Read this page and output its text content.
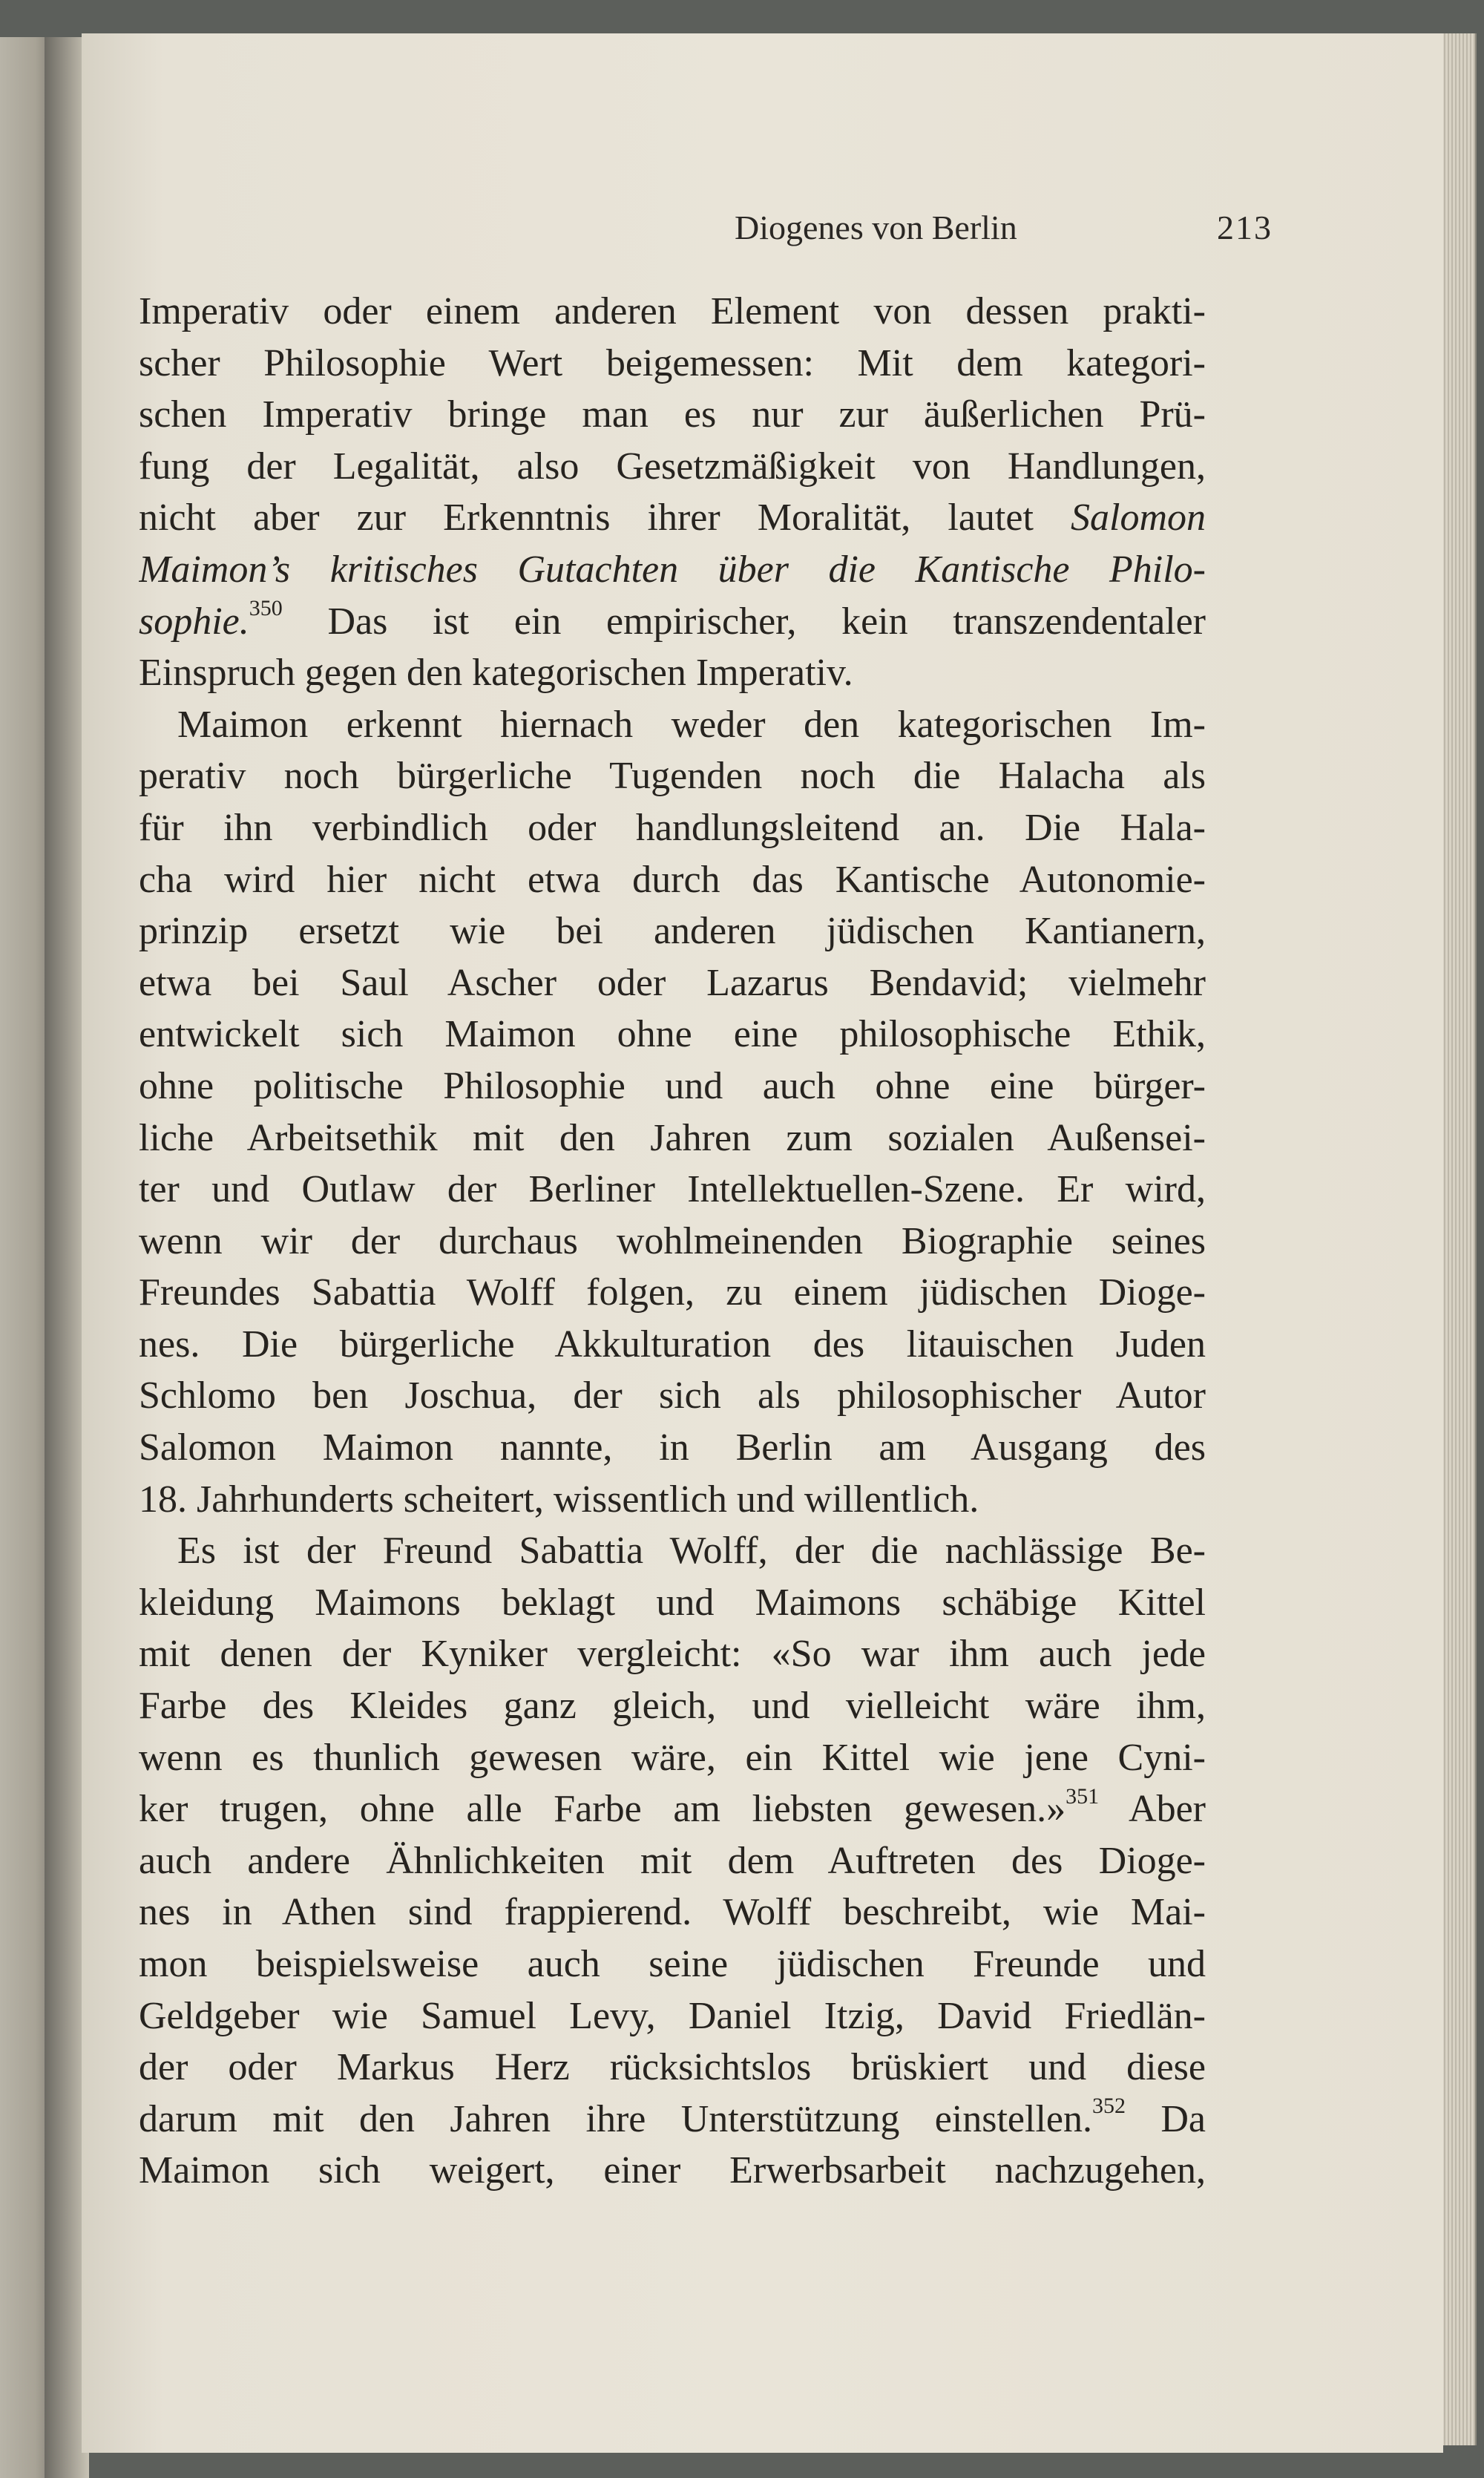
Diogenes von Berlin	213
Imperativ oder einem anderen Element von dessen prakti-
scher Philosophie Wert beigemessen: Mit dem kategori-
schen Imperativ bringe man es nur zur äußerlichen Prü-
fung der Legalität, also Gesetzmäßigkeit von Handlungen,
nicht aber zur Erkenntnis ihrer Moralität, lautet Salomon
Maimon’s kritisches Gutachten über die Kantische Philo-
sophie.$^{350}$ Das ist ein empirischer, kein transzendentaler
Einspruch gegen den kategorischen Imperativ.
Maimon erkennt hiernach weder den kategorischen Im-
perativ noch bürgerliche Tugenden noch die Halacha als
für ihn verbindlich oder handlungsleitend an. Die Hala-
cha wird hier nicht etwa durch das Kantische Autonomie-
prinzip ersetzt wie bei anderen jüdischen Kantianern,
etwa bei Saul Ascher oder Lazarus Bendavid; vielmehr
entwickelt sich Maimon ohne eine philosophische Ethik,
ohne politische Philosophie und auch ohne eine bürger-
liche Arbeitsethik mit den Jahren zum sozialen Außensei-
ter und Outlaw der Berliner Intellektuellen-Szene. Er wird,
wenn wir der durchaus wohlmeinenden Biographie seines
Freundes Sabattia Wolff folgen, zu einem jüdischen Dioge-
nes. Die bürgerliche Akkulturation des litauischen Juden
Schlomo ben Joschua, der sich als philosophischer Autor
Salomon Maimon nannte, in Berlin am Ausgang des
18. Jahrhunderts scheitert, wissentlich und willentlich.
Es ist der Freund Sabattia Wolff, der die nachlässige Be-
kleidung Maimons beklagt und Maimons schäbige Kittel
mit denen der Kyniker vergleicht: «So war ihm auch jede
Farbe des Kleides ganz gleich, und vielleicht wäre ihm,
wenn es thunlich gewesen wäre, ein Kittel wie jene Cyni-
ker trugen, ohne alle Farbe am liebsten gewesen.»$^{351}$ Aber
auch andere Ähnlichkeiten mit dem Auftreten des Dioge-
nes in Athen sind frappierend. Wolff beschreibt, wie Mai-
mon beispielsweise auch seine jüdischen Freunde und
Geldgeber wie Samuel Levy, Daniel Itzig, David Friedlän-
der oder Markus Herz rücksichtslos brüskiert und diese
darum mit den Jahren ihre Unterstützung einstellen.$^{352}$ Da
Maimon sich weigert, einer Erwerbsarbeit nachzugehen,
